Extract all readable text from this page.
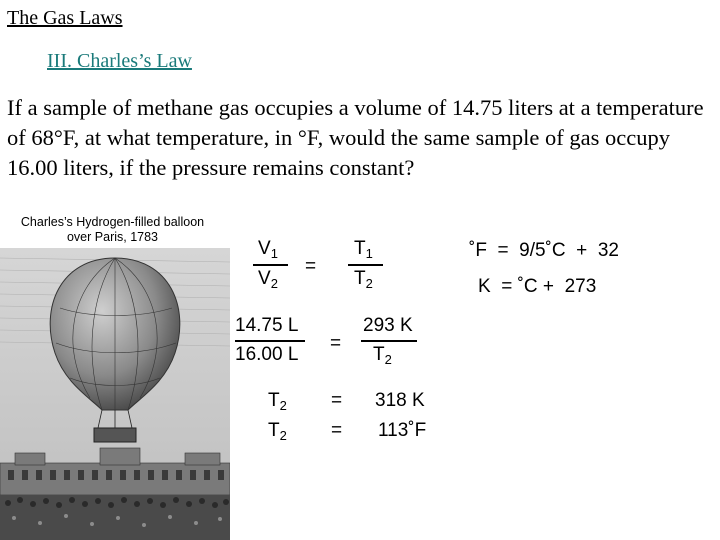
The Gas Laws
III. Charles’s Law
If a sample of methane gas occupies a volume of 14.75 liters at a temperature of 68°F, at what temperature, in °F, would the same sample of gas occupy 16.00 liters, if the pressure remains constant?
Charles’s Hydrogen-filled balloon over Paris, 1783
$V_1$
$V_2$
=
$T_1$
$T_2$
14.75 L
16.00 L
=
293 K
$T_2$
$T_2 = 318$ K
$T_2$ = 113˚F
˚F  =  9/5˚C  +  32
K  = ˚C +  273
